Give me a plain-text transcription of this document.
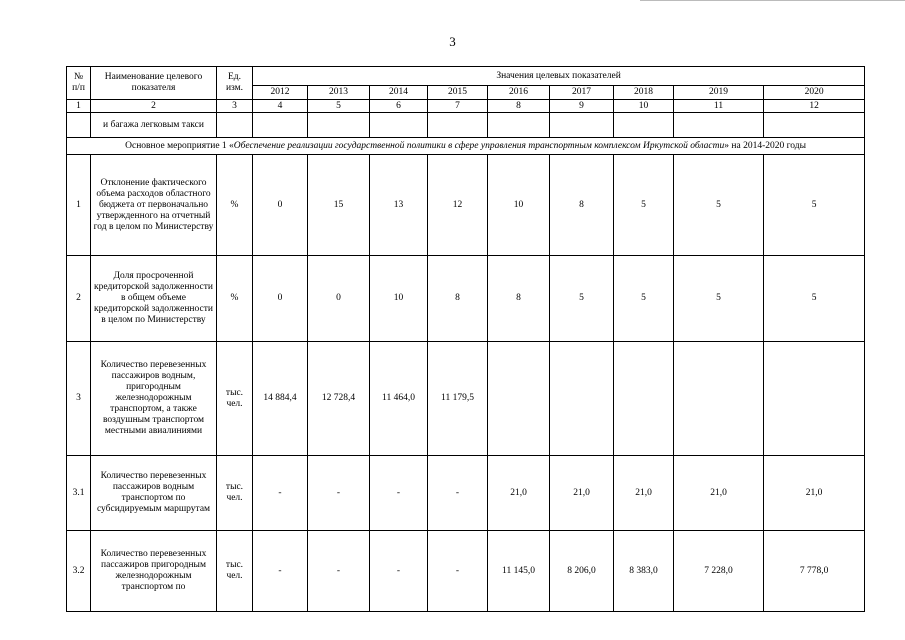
3
№ п/п	Наименование целевого показателя	Ед. изм.	Значения целевых показателей								
			2012	2013	2014	2015	2016	2017	2018	2019	2020
1	2	3	4	5	6	7	8	9	10	11	12

	и багажа легковым такси										

Основное мероприятие 1 «Обеспечение реализации государственной политики в сфере управления транспортным комплексом Иркутской области» на 2014-2020 годы											
1	Отклонение фактического объема расходов областного бюджета от первоначально утвержденного на отчетный год в целом по Министерству	%	0	15	13	12	10	8	5	5	5
2	Доля просроченной кредиторской задолженности в общем объеме кредиторской задолженности в целом по Министерству	%	0	0	10	8	8	5	5	5	5
3	Количество перевезенных пассажиров водным, пригородным железнодорожным транспортом, а также воздушным транспортом местными авиалиниями	тыс. чел.	14 884,4	12 728,4	11 464,0	11 179,5					
3.1	Количество перевезенных пассажиров водным транспортом по субсидируемым маршрутам	тыс. чел.	-	-	-	-	21,0	21,0	21,0	21,0	21,0
3.2	Количество перевезенных пассажиров пригородным железнодорожным транспортом по	тыс. чел.	-	-	-	-	11 145,0	8 206,0	8 383,0	7 228,0	7 778,0
